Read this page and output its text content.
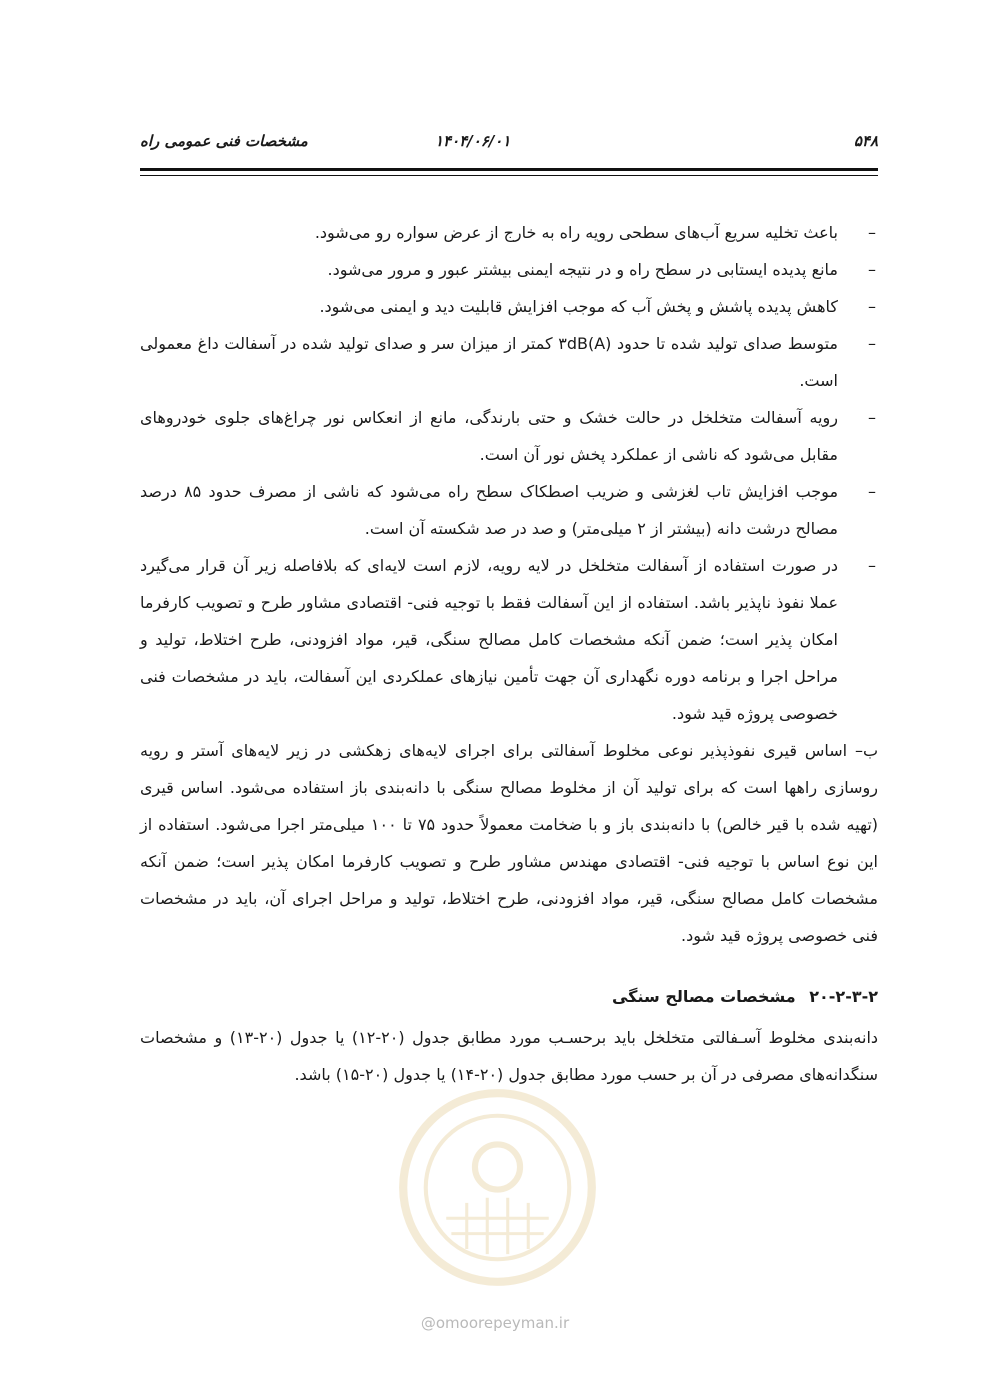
۵۴۸
۱۴۰۴/۰۶/۰۱
مشخصات فنی عمومی راه
–
باعث تخلیه سریع آب‌های سطحی رویه راه به خارج از عرض سواره رو می‌شود.
–
مانع پدیده ایستابی در سطح راه و در نتیجه ایمنی بیشتر عبور و مرور می‌شود.
–
کاهش پدیده پاشش و پخش آب که موجب افزایش قابلیت دید و ایمنی می‌شود.
–
متوسط صدای تولید شده تا حدود ۳dB(A) کمتر از میزان سر و صدای تولید شده در آسفالت داغ معمولی است.
–
رویه آسفالت متخلخل در حالت خشک و حتی بارندگی، مانع از انعکاس نور چراغ‌های جلوی خودروهای مقابل می‌شود که ناشی از عملکرد پخش نور آن است.
–
موجب افزایش تاب لغزشی و ضریب اصطکاک سطح راه می‌شود که ناشی از مصرف حدود ۸۵ درصد مصالح درشت دانه (بیشتر از ۲ میلی‌متر) و صد در صد شکسته آن است.
–
در صورت استفاده از آسفالت متخلخل در لایه رویه، لازم است لایه‌ای که بلافاصله زیر آن قرار می‌گیرد عملا نفوذ ناپذیر باشد. استفاده از این آسفالت فقط با توجیه فنی- اقتصادی مشاور طرح و تصویب کارفرما امکان پذیر است؛ ضمن آنکه مشخصات کامل مصالح سنگی، قیر، مواد افزودنی، طرح اختلاط، تولید و مراحل اجرا و برنامه دوره نگهداری آن جهت تأمین نیازهای عملکردی این آسفالت، باید در مشخصات فنی خصوصی پروژه قید شود.
ب– اساس قیری نفوذپذیر نوعی مخلوط آسفالتی برای اجرای لایه‌های زهکشی در زیر لایه‌های آستر و رویه روسازی راهها است که برای تولید آن از مخلوط مصالح سنگی با دانه‌بندی باز استفاده می‌شود. اساس قیری (تهیه شده با قیر خالص) با دانه‌بندی باز و با ضخامت معمولاً حدود ۷۵ تا ۱۰۰ میلی‌متر اجرا می‌شود. استفاده از این نوع اساس با توجیه فنی- اقتصادی مهندس مشاور طرح و تصویب کارفرما امکان پذیر است؛ ضمن آنکه مشخصات کامل مصالح سنگی، قیر، مواد افزودنی، طرح اختلاط، تولید و مراحل اجرای آن، باید در مشخصات فنی خصوصی پروژه قید شود.
۲۰-۲-۳-۲ مشخصات مصالح سنگی
دانه‌بندی مخلوط آسـفالتی متخلخل باید برحسـب مورد مطابق جدول (۲۰-۱۲) یا جدول (۲۰-۱۳) و مشخصات سنگدانه‌های مصرفی در آن بر حسب مورد مطابق جدول (۲۰-۱۴) یا جدول (۲۰-۱۵) باشد.
@omoorepeyman.ir
